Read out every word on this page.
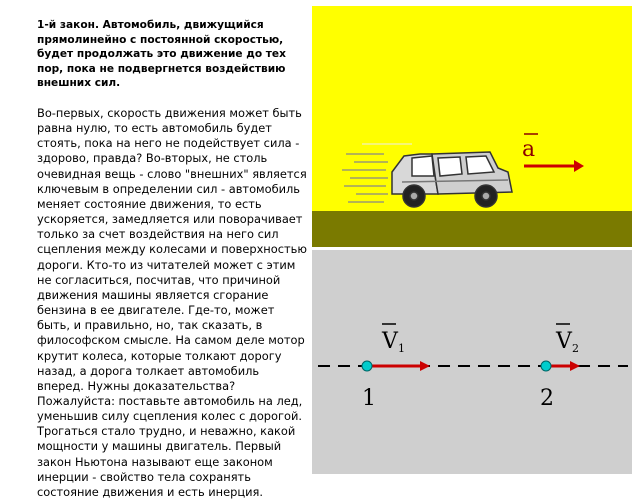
1-й закон. Автомобиль, движущийся прямолинейно с постоянной скоростью, будет продолжать это движение до тех пор, пока не подвергнется воздействию внешних сил.
Во-первых, скорость движения может быть равна нулю, то есть автомобиль будет стоять, пока на него не подействует сила - здорово, правда? Во-вторых, не столь очевидная вещь - слово "внешних" является ключевым в определении сил - автомобиль меняет состояние движения, то есть ускоряется, замедляется или поворачивает только за счет воздействия на него сил сцепления между колесами и поверхностью дороги. Кто-то из читателей может с этим не согласиться, посчитав, что причиной движения машины является сгорание бензина в ее двигателе. Где-то, может быть, и правильно, но, так сказать, в философском смысле. На самом деле мотор крутит колеса, которые толкают дорогу назад, а дорога толкает автомобиль вперед. Нужны доказательства? Пожалуйста: поставьте автомобиль на лед, уменьшив силу сцепления колес с дорогой. Трогаться стало трудно, и неважно, какой мощности у машины двигатель. Первый закон Ньютона называют еще законом инерции - свойство тела сохранять состояние движения и есть инерция.
a
V 1
1
V 2
2
